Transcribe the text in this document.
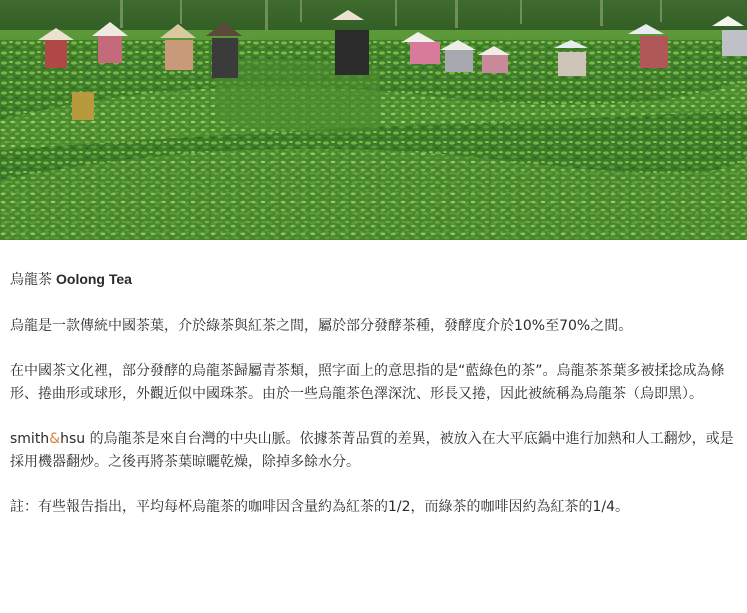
烏龍茶 Oolong Tea

烏龍是一款傳統中國茶葉，介於綠茶與紅茶之間，屬於部分發酵茶種，發酵度介於10%至70%之間。

在中國茶文化裡，部分發酵的烏龍茶歸屬青茶類，照字面上的意思指的是“藍綠色的茶”。烏龍茶茶葉多被揉捻成為條形、捲曲形或球形，外觀近似中國珠茶。由於一些烏龍茶色澤深沈、形長又捲，因此被統稱為烏龍茶（烏即黑）。

smith&hsu 的烏龍茶是來自台灣的中央山脈。依據茶菁品質的差異，被放入在大平底鍋中進行加熱和人工翻炒，或是採用機器翻炒。之後再將茶葉晾曬乾燥，除掉多餘水分。

註：有些報告指出，平均每杯烏龍茶的咖啡因含量約為紅茶的1/2，而綠茶的咖啡因約為紅茶的1/4。
